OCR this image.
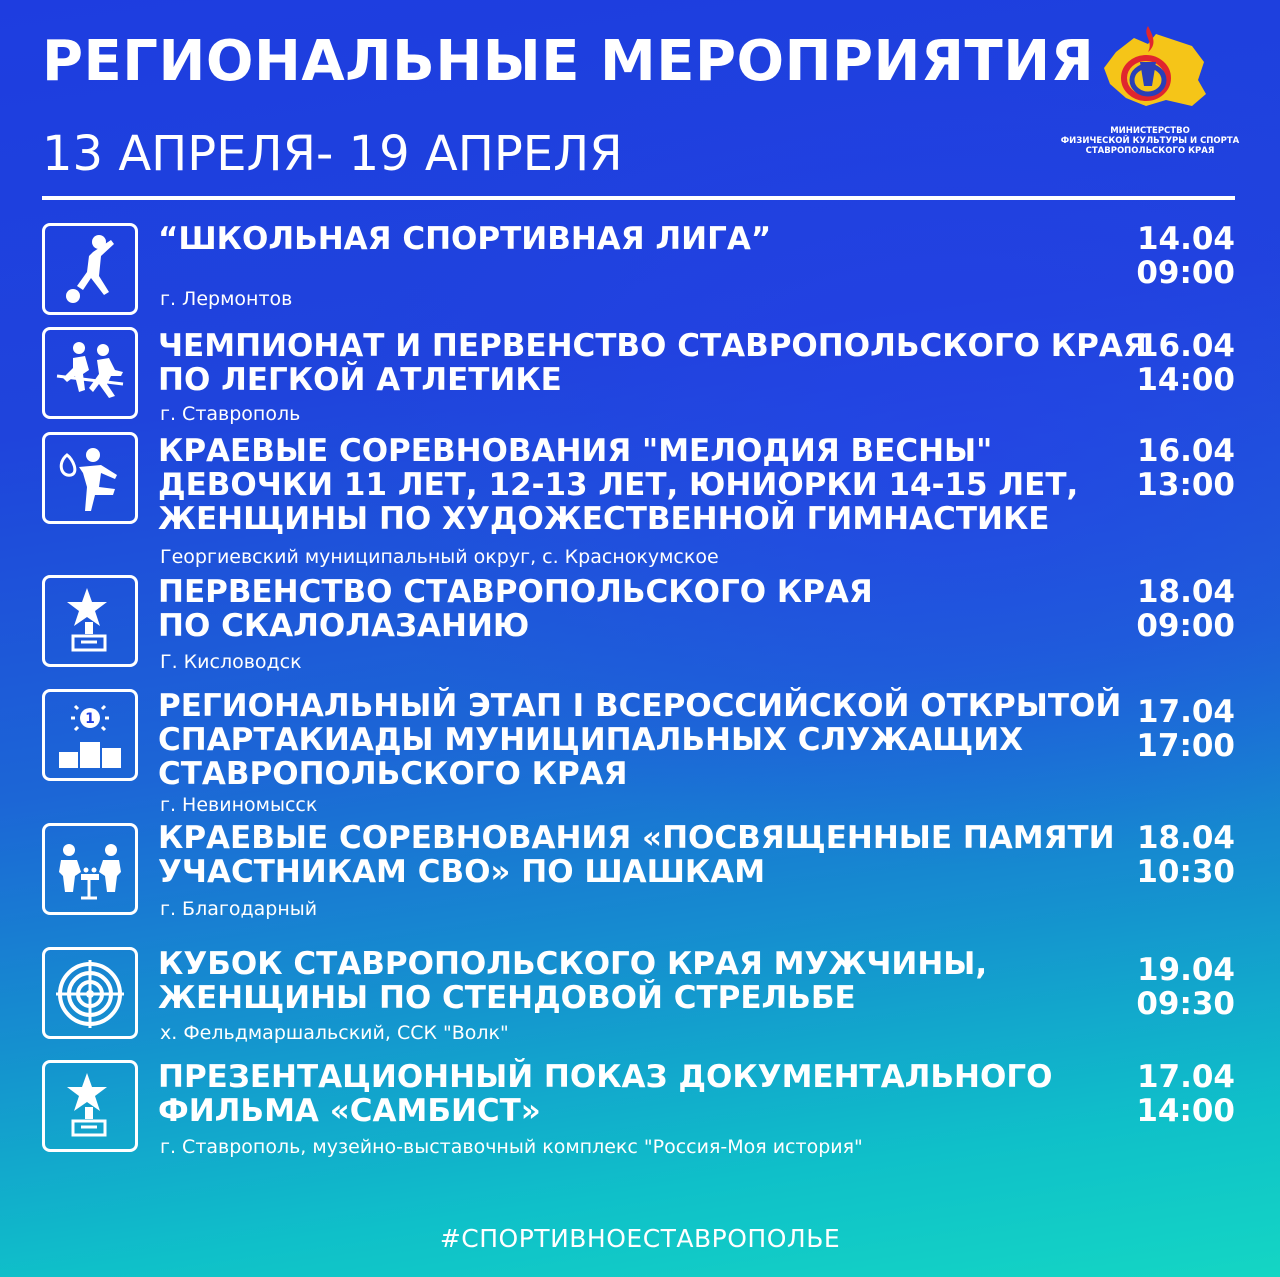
РЕГИОНАЛЬНЫЕ МЕРОПРИЯТИЯ
13 АПРЕЛЯ- 19 АПРЕЛЯ	МИНИСТЕРСТВО
ФИЗИЧЕСКОЙ КУЛЬТУРЫ И СПОРТА
СТАВРОПОЛЬСКОГО КРАЯ
“ШКОЛЬНАЯ СПОРТИВНАЯ ЛИГА”
г. Лермонтов
14.04
09:00
ЧЕМПИОНАТ И ПЕРВЕНСТВО СТАВРОПОЛЬСКОГО КРАЯ
ПО ЛЕГКОЙ АТЛЕТИКЕ
г. Ставрополь
16.04
14:00
КРАЕВЫЕ СОРЕВНОВАНИЯ "МЕЛОДИЯ ВЕСНЫ"
ДЕВОЧКИ 11 ЛЕТ, 12-13 ЛЕТ, ЮНИОРКИ 14-15 ЛЕТ,
ЖЕНЩИНЫ ПО ХУДОЖЕСТВЕННОЙ ГИМНАСТИКЕ
Георгиевский муниципальный округ, с. Краснокумское
16.04
13:00
ПЕРВЕНСТВО СТАВРОПОЛЬСКОГО КРАЯ
ПО СКАЛОЛАЗАНИЮ
Г. Кисловодск
18.04
09:00
1 РЕГИОНАЛЬНЫЙ ЭТАП I ВСЕРОССИЙСКОЙ ОТКРЫТОЙ
СПАРТАКИАДЫ МУНИЦИПАЛЬНЫХ СЛУЖАЩИХ
СТАВРОПОЛЬСКОГО КРАЯ
г. Невиномысск
17.04
17:00
КРАЕВЫЕ СОРЕВНОВАНИЯ «ПОСВЯЩЕННЫЕ ПАМЯТИ
УЧАСТНИКАМ СВО» ПО ШАШКАМ
г. Благодарный
18.04
10:30
КУБОК СТАВРОПОЛЬСКОГО КРАЯ МУЖЧИНЫ,
ЖЕНЩИНЫ ПО СТЕНДОВОЙ СТРЕЛЬБЕ
х. Фельдмаршальский, ССК "Волк"
19.04
09:30
ПРЕЗЕНТАЦИОННЫЙ ПОКАЗ ДОКУМЕНТАЛЬНОГО
ФИЛЬМА «САМБИСТ»
г. Ставрополь, музейно-выставочный комплекс "Россия-Моя история"
17.04
14:00
#СПОРТИВНОЕСТАВРОПОЛЬЕ
